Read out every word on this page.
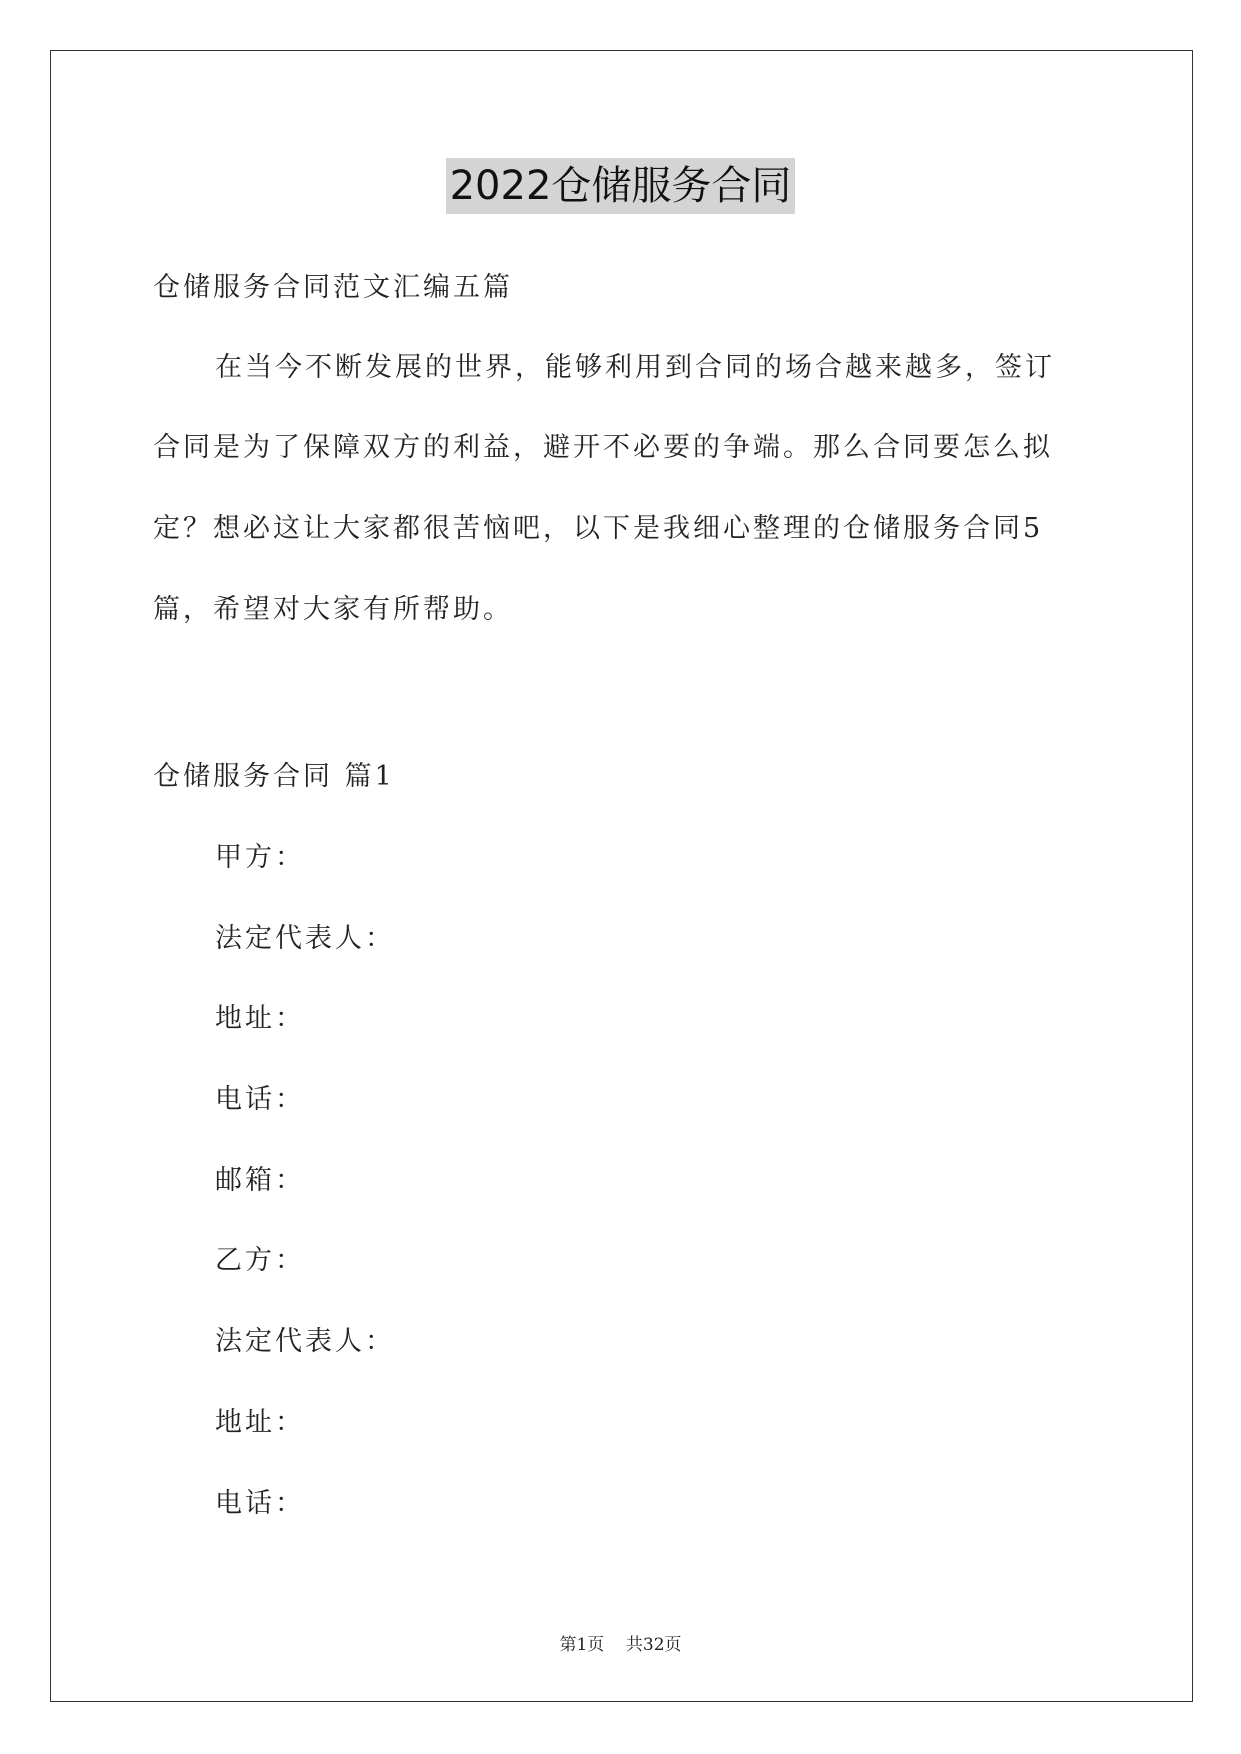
2022仓储服务合同
仓储服务合同范文汇编五篇
在当今不断发展的世界，能够利用到合同的场合越来越多，签订
合同是为了保障双方的利益，避开不必要的争端。那么合同要怎么拟
定？想必这让大家都很苦恼吧，以下是我细心整理的仓储服务合同5
篇，希望对大家有所帮助。
仓储服务合同 篇1
甲方：
法定代表人：
地址：
电话：
邮箱：
乙方：
法定代表人：
地址：
电话：
第1页 共32页
